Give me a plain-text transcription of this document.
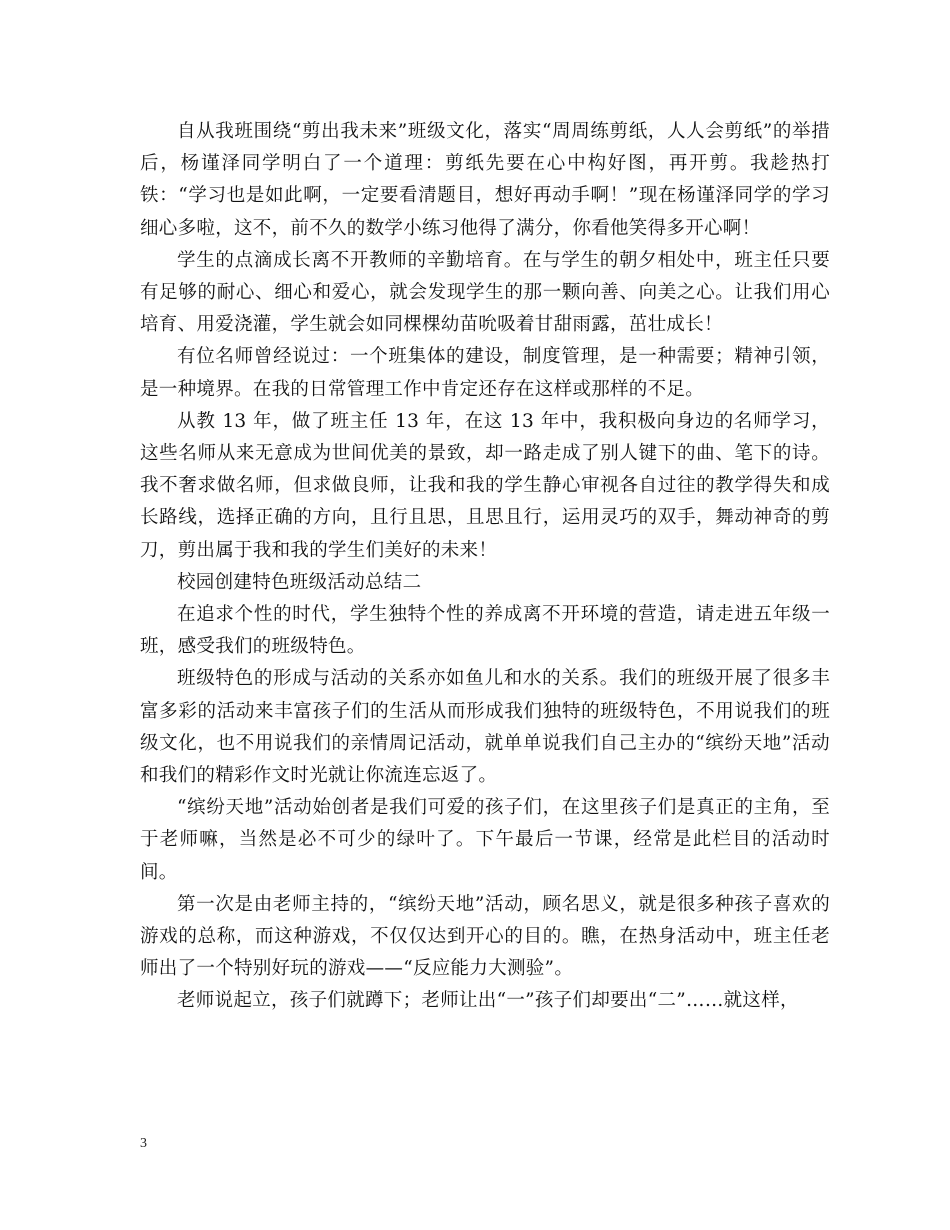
自从我班围绕“剪出我未来”班级文化，落实“周周练剪纸，人人会剪纸”的举措后，杨谨泽同学明白了一个道理：剪纸先要在心中构好图，再开剪。我趁热打铁：“学习也是如此啊，一定要看清题目，想好再动手啊！”现在杨谨泽同学的学习细心多啦，这不，前不久的数学小练习他得了满分，你看他笑得多开心啊！

学生的点滴成长离不开教师的辛勤培育。在与学生的朝夕相处中，班主任只要有足够的耐心、细心和爱心，就会发现学生的那一颗向善、向美之心。让我们用心培育、用爱浇灌，学生就会如同棵棵幼苗吮吸着甘甜雨露，茁壮成长！

有位名师曾经说过：一个班集体的建设，制度管理，是一种需要；精神引领，是一种境界。在我的日常管理工作中肯定还存在这样或那样的不足。

从教 13 年，做了班主任 13 年，在这 13 年中，我积极向身边的名师学习，这些名师从来无意成为世间优美的景致，却一路走成了别人键下的曲、笔下的诗。我不奢求做名师，但求做良师，让我和我的学生静心审视各自过往的教学得失和成长路线，选择正确的方向，且行且思，且思且行，运用灵巧的双手，舞动神奇的剪刀，剪出属于我和我的学生们美好的未来！

校园创建特色班级活动总结二

在追求个性的时代，学生独特个性的养成离不开环境的营造，请走进五年级一班，感受我们的班级特色。

班级特色的形成与活动的关系亦如鱼儿和水的关系。我们的班级开展了很多丰富多彩的活动来丰富孩子们的生活从而形成我们独特的班级特色，不用说我们的班级文化，也不用说我们的亲情周记活动，就单单说我们自己主办的“缤纷天地”活动和我们的精彩作文时光就让你流连忘返了。

“缤纷天地”活动始创者是我们可爱的孩子们，在这里孩子们是真正的主角，至于老师嘛，当然是必不可少的绿叶了。下午最后一节课，经常是此栏目的活动时间。

第一次是由老师主持的，“缤纷天地”活动，顾名思义，就是很多种孩子喜欢的游戏的总称，而这种游戏，不仅仅达到开心的目的。瞧，在热身活动中，班主任老师出了一个特别好玩的游戏——“反应能力大测验”。

老师说起立，孩子们就蹲下；老师让出“一”孩子们却要出“二”……就这样，

3
